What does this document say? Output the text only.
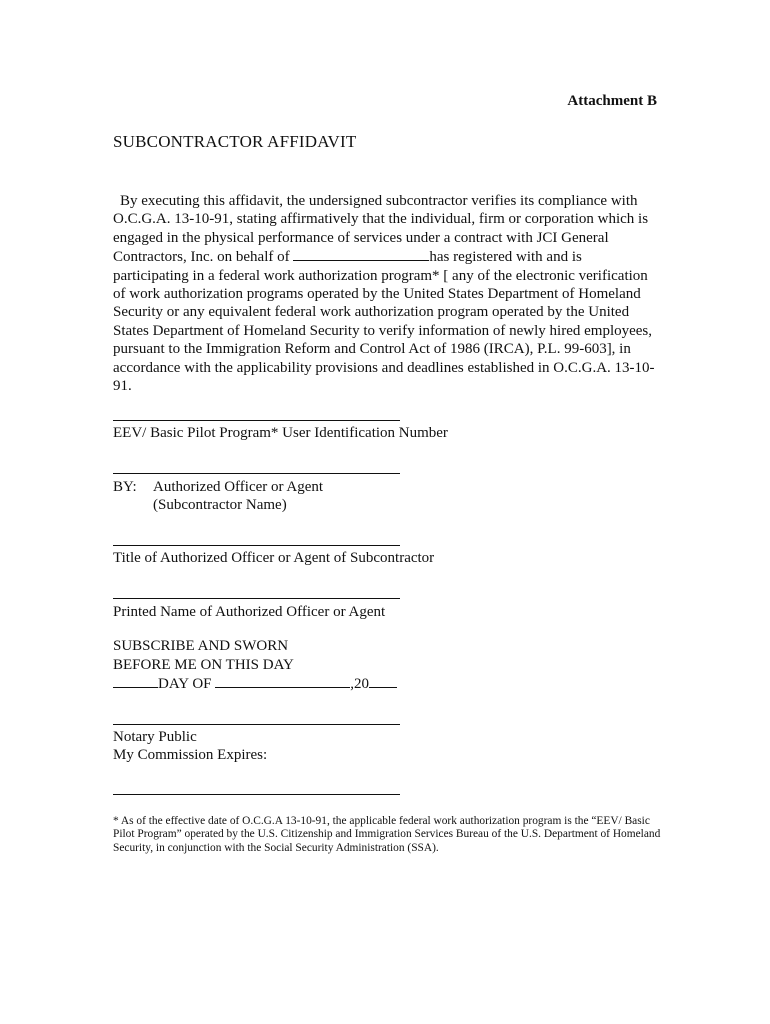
Attachment B
SUBCONTRACTOR AFFIDAVIT
By executing this affidavit, the undersigned subcontractor verifies its compliance with O.C.G.A. 13-10-91, stating affirmatively that the individual, firm or corporation which is engaged in the physical performance of services under a contract with JCI General Contractors, Inc. on behalf of	has registered with and is participating in a federal work authorization program* [ any of the electronic verification of work authorization programs operated by the United States Department of Homeland Security or any equivalent federal work authorization program operated by the United States Department of Homeland Security to verify information of newly hired employees, pursuant to the Immigration Reform and Control Act of 1986 (IRCA), P.L. 99-603], in accordance with the applicability provisions and deadlines established in O.C.G.A. 13-10-91.
EEV/ Basic Pilot Program* User Identification Number
BY: Authorized Officer or Agent
(Subcontractor Name)
Title of Authorized Officer or Agent of Subcontractor
Printed Name of Authorized Officer or Agent
SUBSCRIBE AND SWORN
BEFORE ME ON THIS DAY
DAY OF	,20
Notary Public
My Commission Expires:
* As of the effective date of O.C.G.A 13-10-91, the applicable federal work authorization program is the “EEV/ Basic Pilot Program” operated by the U.S. Citizenship and Immigration Services Bureau of the U.S. Department of Homeland Security, in conjunction with the Social Security Administration (SSA).
